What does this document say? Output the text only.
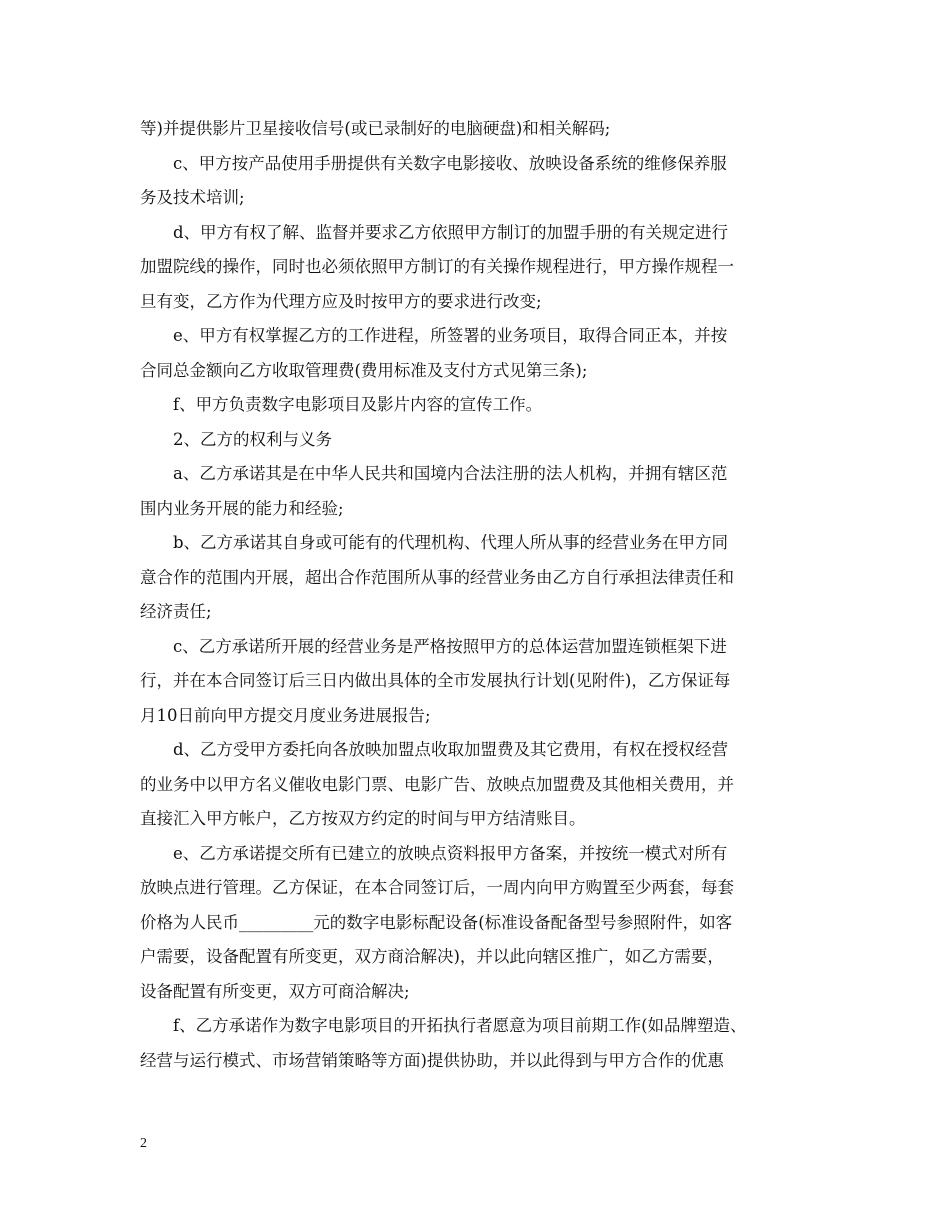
等)并提供影片卫星接收信号(或已录制好的电脑硬盘)和相关解码;
c、甲方按产品使用手册提供有关数字电影接收、放映设备系统的维修保养服
务及技术培训;
d、甲方有权了解、监督并要求乙方依照甲方制订的加盟手册的有关规定进行
加盟院线的操作，同时也必须依照甲方制订的有关操作规程进行，甲方操作规程一
旦有变，乙方作为代理方应及时按甲方的要求进行改变;
e、甲方有权掌握乙方的工作进程，所签署的业务项目，取得合同正本，并按
合同总金额向乙方收取管理费(费用标准及支付方式见第三条);
f、甲方负责数字电影项目及影片内容的宣传工作。
2、乙方的权利与义务
a、乙方承诺其是在中华人民共和国境内合法注册的法人机构，并拥有辖区范
围内业务开展的能力和经验;
b、乙方承诺其自身或可能有的代理机构、代理人所从事的经营业务在甲方同
意合作的范围内开展，超出合作范围所从事的经营业务由乙方自行承担法律责任和
经济责任;
c、乙方承诺所开展的经营业务是严格按照甲方的总体运营加盟连锁框架下进
行，并在本合同签订后三日内做出具体的全市发展执行计划(见附件)，乙方保证每
月10日前向甲方提交月度业务进展报告;
d、乙方受甲方委托向各放映加盟点收取加盟费及其它费用，有权在授权经营
的业务中以甲方名义催收电影门票、电影广告、放映点加盟费及其他相关费用，并
直接汇入甲方帐户，乙方按双方约定的时间与甲方结清账目。
e、乙方承诺提交所有已建立的放映点资料报甲方备案，并按统一模式对所有
放映点进行管理。乙方保证，在本合同签订后，一周内向甲方购置至少两套，每套
价格为人民币_________元的数字电影标配设备(标准设备配备型号参照附件，如客
户需要，设备配置有所变更，双方商洽解决)，并以此向辖区推广，如乙方需要，
设备配置有所变更，双方可商洽解决;
f、乙方承诺作为数字电影项目的开拓执行者愿意为项目前期工作(如品牌塑造、
经营与运行模式、市场营销策略等方面)提供协助，并以此得到与甲方合作的优惠
2
